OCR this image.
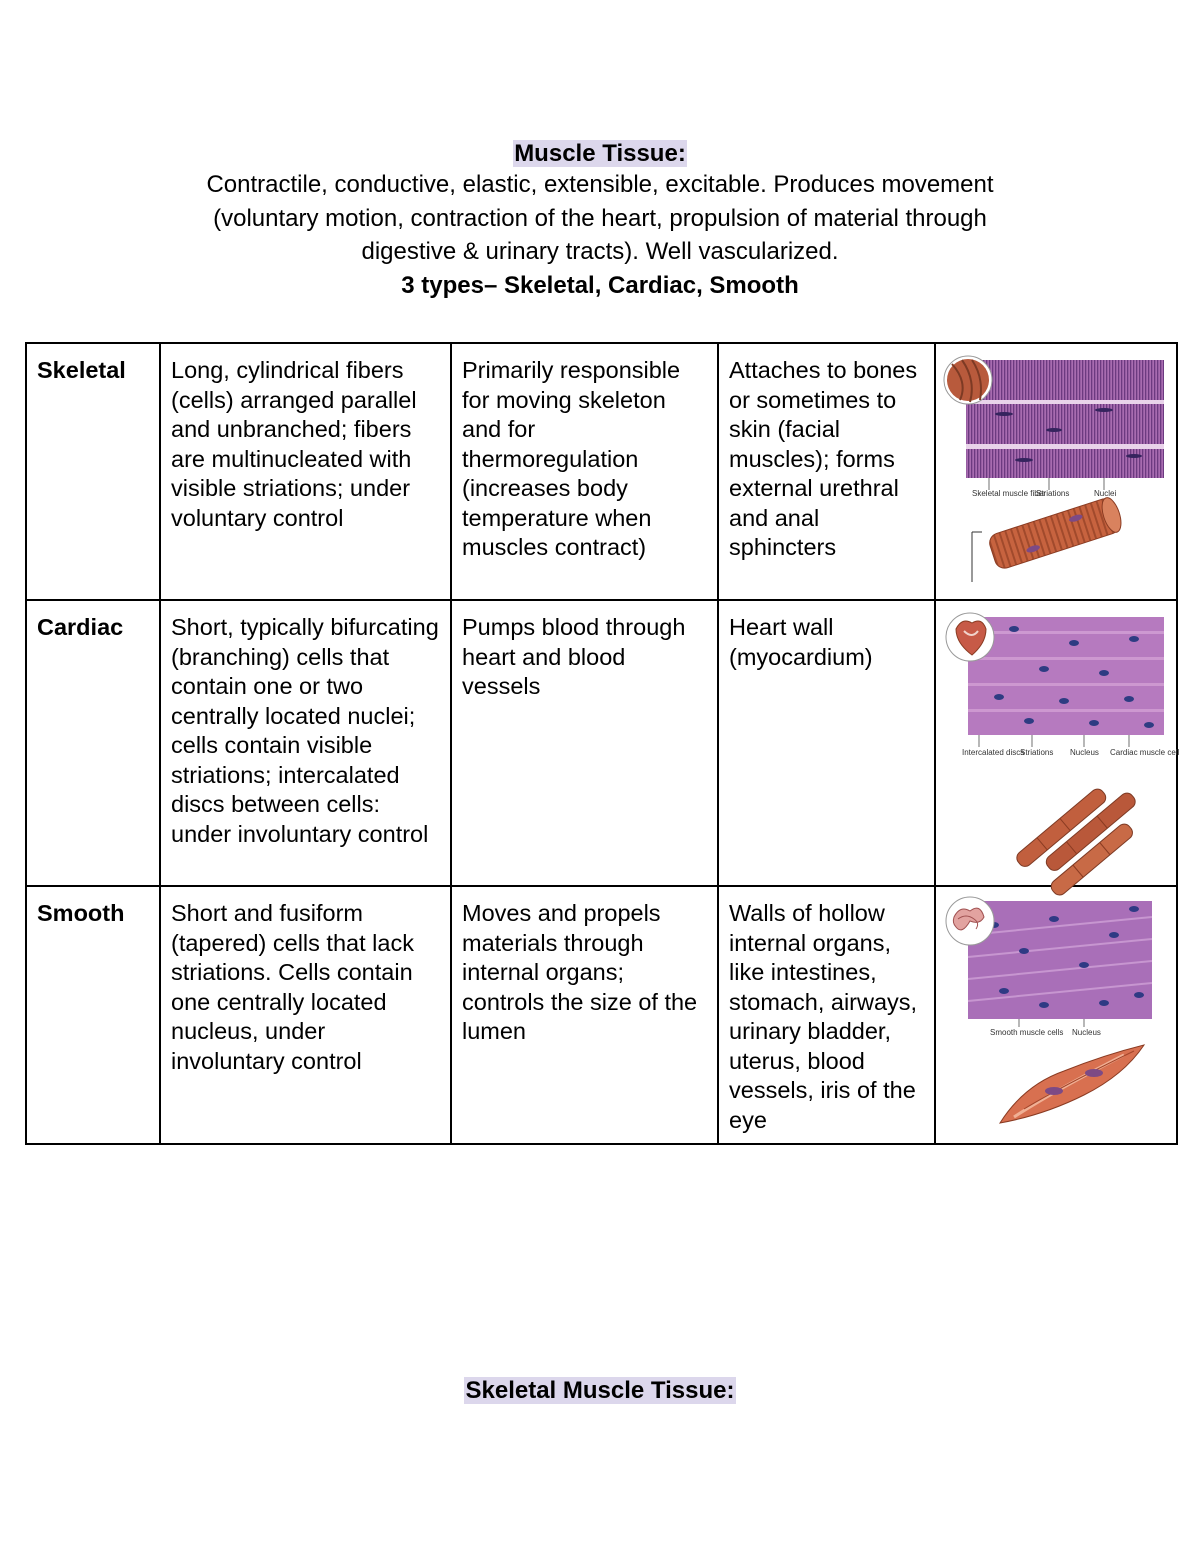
Muscle Tissue:
Contractile, conductive, elastic, extensible, excitable. Produces movement
(voluntary motion, contraction of the heart, propulsion of material through
digestive & urinary tracts). Well vascularized.
3 types– Skeletal, Cardiac, Smooth
Skeletal	Long, cylindrical fibers (cells) arranged parallel and unbranched; fibers are multinucleated with visible striations; under voluntary control	Primarily responsible for moving skeleton and for thermoregulation (increases body temperature when muscles contract)	Attaches to bones or sometimes to skin (facial muscles); forms external urethral and anal sphincters	Skeletal muscle fiber
Striations Nuclei

Cardiac	Short, typically bifurcating (branching) cells that contain one or two centrally located nuclei; cells contain visible striations; intercalated discs between cells: under involuntary control	Pumps blood through heart and blood vessels	Heart wall (myocardium)	Intercalated discs
Striations Nucleus Cardiac muscle cell

Smooth	Short and fusiform (tapered) cells that lack striations. Cells contain one centrally located nucleus, under involuntary control	Moves and propels materials through internal organs; controls the size of the lumen	Walls of hollow internal organs, like intestines, stomach, airways, urinary bladder, uterus, blood vessels, iris of the eye	Smooth muscle cells Nucleus
Skeletal Muscle Tissue:
